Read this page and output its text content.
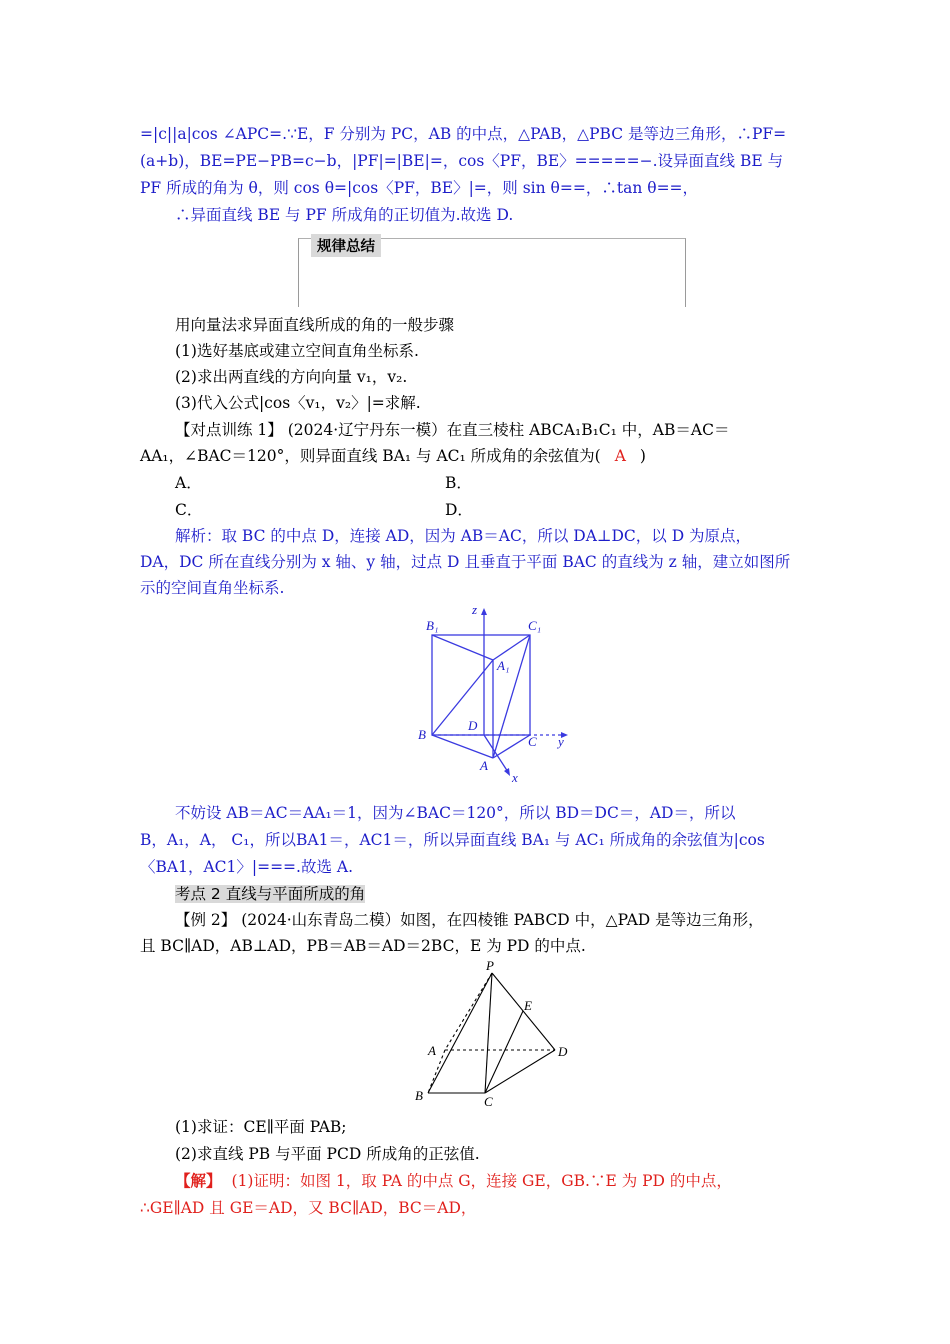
=|c||a|cos ∠APC=.∵E，F 分别为 PC，AB 的中点，△PAB，△PBC 是等边三角形，∴PF=
(a+b)，BE=PE−PB=c−b，|PF|=|BE|=，cos〈PF，BE〉=====−.设异面直线 BE 与
PF 所成的角为 θ，则 cos θ=|cos〈PF，BE〉|=，则 sin θ==，∴tan θ==，
∴异面直线 BE 与 PF 所成角的正切值为.故选 D.
规律总结
用向量法求异面直线所成的角的一般步骤
(1)选好基底或建立空间直角坐标系.
(2)求出两直线的方向向量 v₁，v₂.
(3)代入公式|cos〈v₁，v₂〉|=求解.
【对点训练 1】 (2024·辽宁丹东一模）在直三棱柱 ABCA₁B₁C₁ 中，AB＝AC＝
AA₁，∠BAC＝120°，则异面直线 BA₁ 与 AC₁ 所成角的余弦值为( A )
A．	B．
C．	D．
解析：取 BC 的中点 D，连接 AD，因为 AB＝AC，所以 DA⊥DC，以 D 为原点，
DA，DC 所在直线分别为 x 轴、y 轴，过点 D 且垂直于平面 BAC 的直线为 z 轴，建立如图所
示的空间直角坐标系.
B₁	C₁
z
A₁
D
B	C y
A
x
不妨设 AB＝AC＝AA₁＝1，因为∠BAC＝120°，所以 BD＝DC＝，AD＝，所以
B，A₁，A， C₁，所以BA1＝，AC1＝，所以异面直线 BA₁ 与 AC₁ 所成角的余弦值为|cos
〈BA1，AC1〉|===.故选 A.
考点 2 直线与平面所成的角
【例 2】 (2024·山东青岛二模）如图，在四棱锥 PABCD 中，△PAD 是等边三角形，
且 BC∥AD，AB⊥AD，PB＝AB＝AD＝2BC，E 为 PD 的中点.
P
E
A	D
B	C
(1)求证：CE∥平面 PAB;
(2)求直线 PB 与平面 PCD 所成角的正弦值.
【解】 (1)证明：如图 1，取 PA 的中点 G，连接 GE，GB.∵E 为 PD 的中点，
∴GE∥AD 且 GE＝AD，又 BC∥AD，BC＝AD，
